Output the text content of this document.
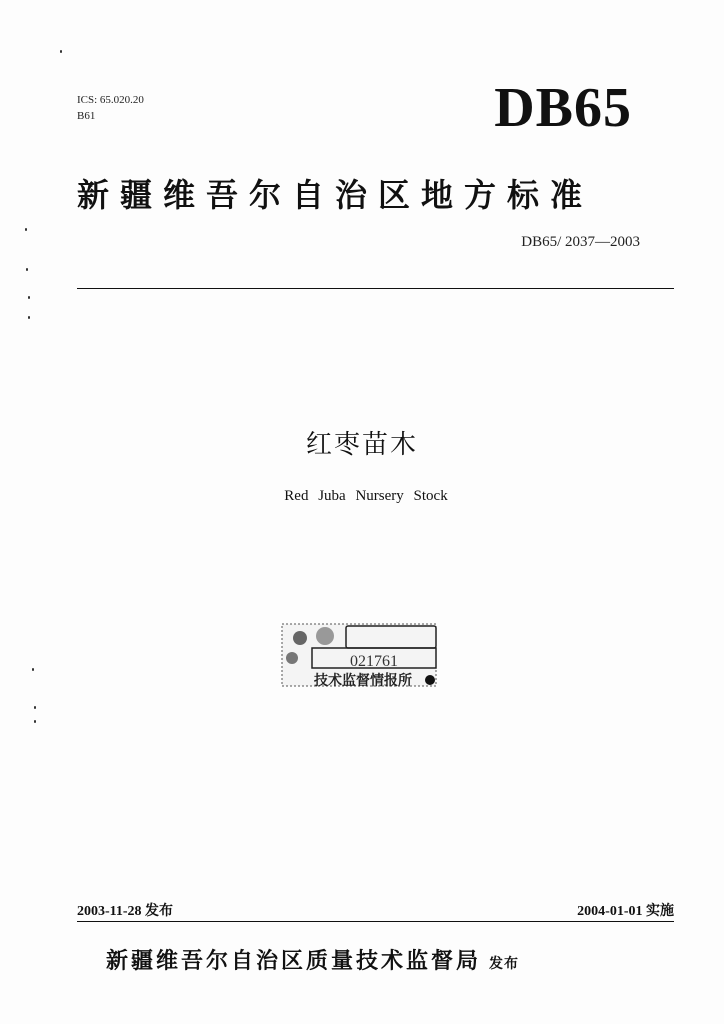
ICS: 65.020.20
B61	DB65
新疆维吾尔自治区地方标准
DB65/ 2037—2003
红枣苗木
Red Juba Nursery Stock
021761
技术监督情报所
2003-11-28 发布	2004-01-01 实施
新疆维吾尔自治区质量技术监督局 发布
